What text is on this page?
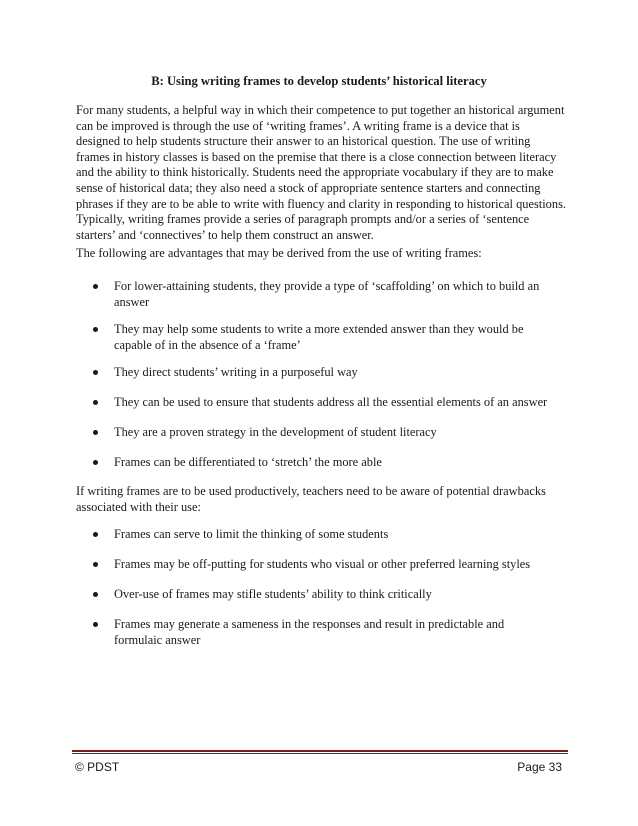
B: Using writing frames to develop students’ historical literacy

For many students, a helpful way in which their competence to put together an historical argument can be improved is through the use of ‘writing frames’. A writing frame is a device that is designed to help students structure their answer to an historical question. The use of writing frames in history classes is based on the premise that there is a close connection between literacy and the ability to think historically. Students need the appropriate vocabulary if they are to make sense of historical data; they also need a stock of appropriate sentence starters and connecting phrases if they are to be able to write with fluency and clarity in responding to historical questions. Typically, writing frames provide a series of paragraph prompts and/or a series of ‘sentence starters’ and ‘connectives’ to help them construct an answer.

The following are advantages that may be derived from the use of writing frames:

For lower-attaining students, they provide a type of ‘scaffolding’ on which to build an answer
They may help some students to write a more extended answer than they would be capable of in the absence of a ‘frame’
They direct students’ writing in a purposeful way
They can be used to ensure that students address all the essential elements of an answer
They are a proven strategy in the development of student literacy
Frames can be differentiated to ‘stretch’ the more able

If writing frames are to be used productively, teachers need to be aware of potential drawbacks associated with their use:

Frames can serve to limit the thinking of some students
Frames may be off-putting for students who visual or other preferred learning styles
Over-use of frames may stifle students’ ability to think critically
Frames may generate a sameness in the responses and result in predictable and formulaic answer
© PDST	Page 33
